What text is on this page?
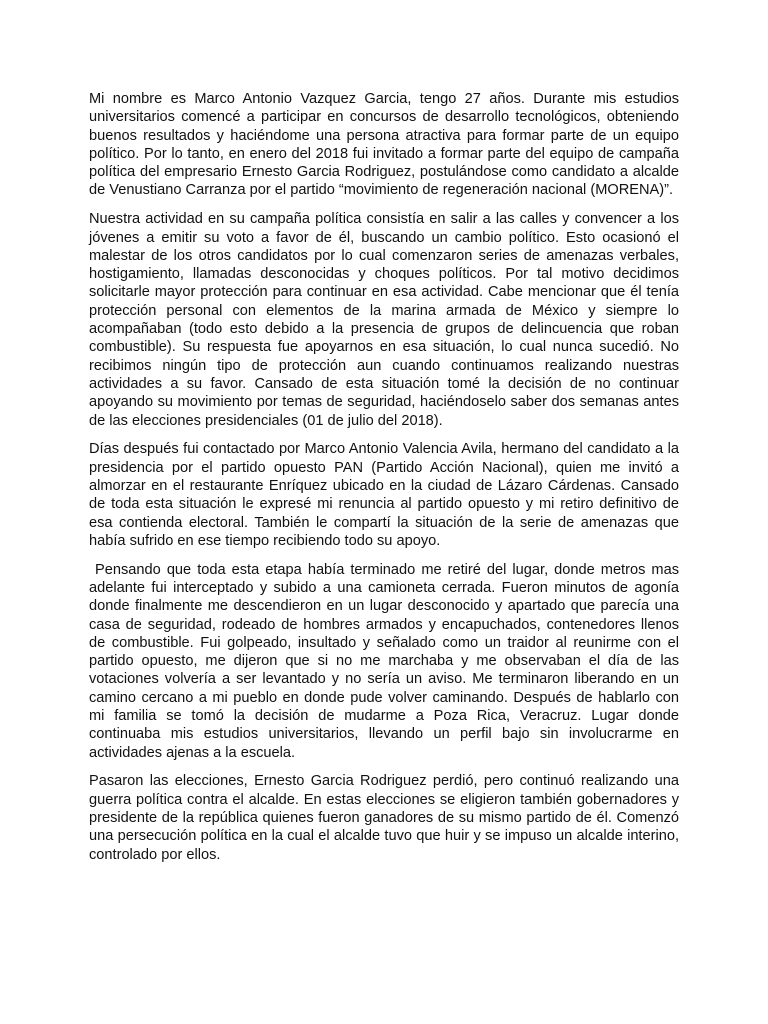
Mi nombre es Marco Antonio Vazquez Garcia, tengo 27 años. Durante mis estudios universitarios comencé a participar en concursos de desarrollo tecnológicos, obteniendo buenos resultados y haciéndome una persona atractiva para formar parte de un equipo político. Por lo tanto, en enero del 2018 fui invitado a formar parte del equipo de campaña política del empresario Ernesto Garcia Rodriguez, postulándose como candidato a alcalde de Venustiano Carranza por el partido “movimiento de regeneración nacional (MORENA)”.

Nuestra actividad en su campaña política consistía en salir a las calles y convencer a los jóvenes a emitir su voto a favor de él, buscando un cambio político. Esto ocasionó el malestar de los otros candidatos por lo cual comenzaron series de amenazas verbales, hostigamiento, llamadas desconocidas y choques políticos. Por tal motivo decidimos solicitarle mayor protección para continuar en esa actividad. Cabe mencionar que él tenía protección personal con elementos de la marina armada de México y siempre lo acompañaban (todo esto debido a la presencia de grupos de delincuencia que roban combustible). Su respuesta fue apoyarnos en esa situación, lo cual nunca sucedió. No recibimos ningún tipo de protección aun cuando continuamos realizando nuestras actividades a su favor. Cansado de esta situación tomé la decisión de no continuar apoyando su movimiento por temas de seguridad, haciéndoselo saber dos semanas antes de las elecciones presidenciales (01 de julio del 2018).

Días después fui contactado por Marco Antonio Valencia Avila, hermano del candidato a la presidencia por el partido opuesto PAN (Partido Acción Nacional), quien me invitó a almorzar en el restaurante Enríquez ubicado en la ciudad de Lázaro Cárdenas. Cansado de toda esta situación le expresé mi renuncia al partido opuesto y mi retiro definitivo de esa contienda electoral. También le compartí la situación de la serie de amenazas que había sufrido en ese tiempo recibiendo todo su apoyo.

Pensando que toda esta etapa había terminado me retiré del lugar, donde metros mas adelante fui interceptado y subido a una camioneta cerrada. Fueron minutos de agonía donde finalmente me descendieron en un lugar desconocido y apartado que parecía una casa de seguridad, rodeado de hombres armados y encapuchados, contenedores llenos de combustible. Fui golpeado, insultado y señalado como un traidor al reunirme con el partido opuesto, me dijeron que si no me marchaba y me observaban el día de las votaciones volvería a ser levantado y no sería un aviso. Me terminaron liberando en un camino cercano a mi pueblo en donde pude volver caminando. Después de hablarlo con mi familia se tomó la decisión de mudarme a Poza Rica, Veracruz. Lugar donde continuaba mis estudios universitarios, llevando un perfil bajo sin involucrarme en actividades ajenas a la escuela.

Pasaron las elecciones, Ernesto Garcia Rodriguez perdió, pero continuó realizando una guerra política contra el alcalde. En estas elecciones se eligieron también gobernadores y presidente de la república quienes fueron ganadores de su mismo partido de él. Comenzó una persecución política en la cual el alcalde tuvo que huir y se impuso un alcalde interino, controlado por ellos.
